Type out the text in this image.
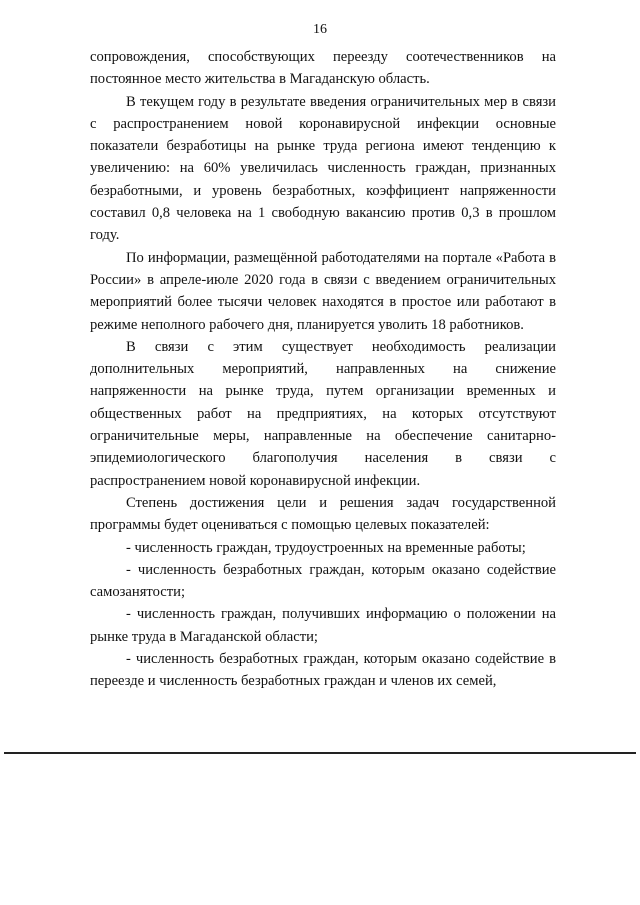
16

сопровождения, способствующих переезду соотечественников на постоянное место жительства в Магаданскую область.

В текущем году в результате введения ограничительных мер в связи с распространением новой коронавирусной инфекции основные показатели безработицы на рынке труда региона имеют тенденцию к увеличению: на 60% увеличилась численность граждан, признанных безработными, и уровень безработных, коэффициент напряженности составил 0,8 человека на 1 свободную вакансию против 0,3 в прошлом году.

По информации, размещённой работодателями на портале «Работа в России» в апреле-июле 2020 года в связи с введением ограничительных мероприятий более тысячи человек находятся в простое или работают в режиме неполного рабочего дня, планируется уволить 18 работников.

В связи с этим существует необходимость реализации дополнительных мероприятий, направленных на снижение напряженности на рынке труда, путем организации временных и общественных работ на предприятиях, на которых отсутствуют ограничительные меры, направленные на обеспечение санитарно-эпидемиологического благополучия населения в связи с распространением новой коронавирусной инфекции.

Степень достижения цели и решения задач государственной программы будет оцениваться с помощью целевых показателей:

- численность граждан, трудоустроенных на временные работы;

- численность безработных граждан, которым оказано содействие самозанятости;

- численность граждан, получивших информацию о положении на рынке труда в Магаданской области;

- численность безработных граждан, которым оказано содействие в переезде и численность безработных граждан и членов их семей,
